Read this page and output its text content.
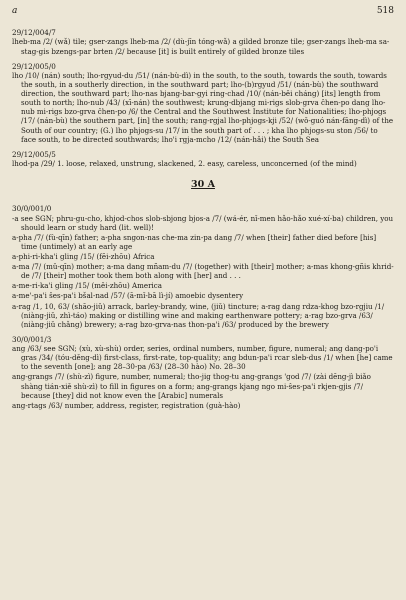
a	518
29/12/004/7
lheb-ma /2/ (wǎ) tile; gser-zangs lheb-ma /2/ (dù-jīn tóng-wǎ) a gilded bronze tile; gser-zangs lheb-ma sa-stag-gis bzengs-par brten /2/ because [it] is built entirely of gilded bronze tiles
29/12/005/0
lho /10/ (nán) south; lho-rgyud-du /51/ (nán-bù-dì) in the south, to the south, towards the south, towards the south, in a southerly direction, in the southward part; lho-(b)rgyud /51/ (nán-bù) the southward direction, the southward part; lho-nas bjang-bar-gyi ring-chad /10/ (nán-běi cháng) [its] length from south to north; lho-nub /43/ (xī-nán) the southwest; krung-dbjang mi-rigs slob-grva ĉhen-po dang lho-nub mi-rigs bzo-grva ĉhen-po /6/ the Central and the Southwest Institute for Nationalities; lho-phjogs /17/ (nán-bù) the southern part, [in] the south; rang-rgjal lho-phjogs-kji /52/ (wǒ-guó nán-fāng-dì) of the South of our country; (G.) lho phjogs-su /17/ in the south part of . . . ; kha lho phjogs-su ston /56/ to face south, to be directed southwards; lho'i rgja-mcho /12/ (nán-hǎi) the South Sea
29/12/005/5
lhod-pa /29/ 1. loose, relaxed, unstrung, slackened, 2. easy, careless, unconcerned (of the mind)
30 A
30/0/001/0
-a see SGN; phru-gu-cho, khjod-chos slob-sbjong bjos-a /7/ (wá-ér, nǐ-men hǎo-hǎo xué-xí-ba) children, you should learn or study hard (lit. well)!
a-pha /7/ (fù-qīn) father; a-pha sngon-nas che-ma zin-pa dang /7/ when [their] father died before [his] time (untimely) at an early age
a-phi-ri-kha'i gling /15/ (fēi-zhōu) Africa
a-ma /7/ (mǔ-qīn) mother; a-ma dang mñam-du /7/ (together) with [their] mother; a-mas khong-gñis khrid-de /7/ [their] mother took them both along with [her] and . . .
a-me-ri-ka'i gling /15/ (měi-zhōu) America
a-me'-pa'i ŝes-pa'i bšal-nad /57/ (ā-mǐ-bā lì-jí) amoebic dysentery
a-rag /1, 10, 63/ (shāo-jiǔ) arrack, barley-brandy, wine, (jiǔ) tincture; a-rag dang rdza-khog bzo-rgjiu /1/ (niàng-jiǔ, zhì-táo) making or distilling wine and making earthenware pottery; a-rag bzo-grva /63/ (niàng-jiǔ chǎng) brewery; a-rag bzo-grva-nas thon-pa'i /63/ produced by the brewery
30/0/001/3
ang /63/ see SGN; (xù, xù-shù) order, series, ordinal numbers, number, figure, numeral; ang dang-po'i gras /34/ (tóu-děng-dì) first-class, first-rate, top-quality; ang bdun-pa'i rcar sleb-dus /1/ when [he] came to the seventh [one]; ang 28–30-pa /63/ (28–30 hào) No. 28–30
ang-grangs /7/ (shù-zì) figure, number, numeral; tho-jig thog-tu ang-grangs 'god /7/ (zài dēng-jì biǎo shàng tián-xiě shù-zì) to fill in figures on a form; ang-grangs kjang ngo mi-ŝes-pa'i rkjen-gjis /7/ because [they] did not know even the [Arabic] numerals
ang-rtags /63/ number, address, register, registration (guà-hào)
